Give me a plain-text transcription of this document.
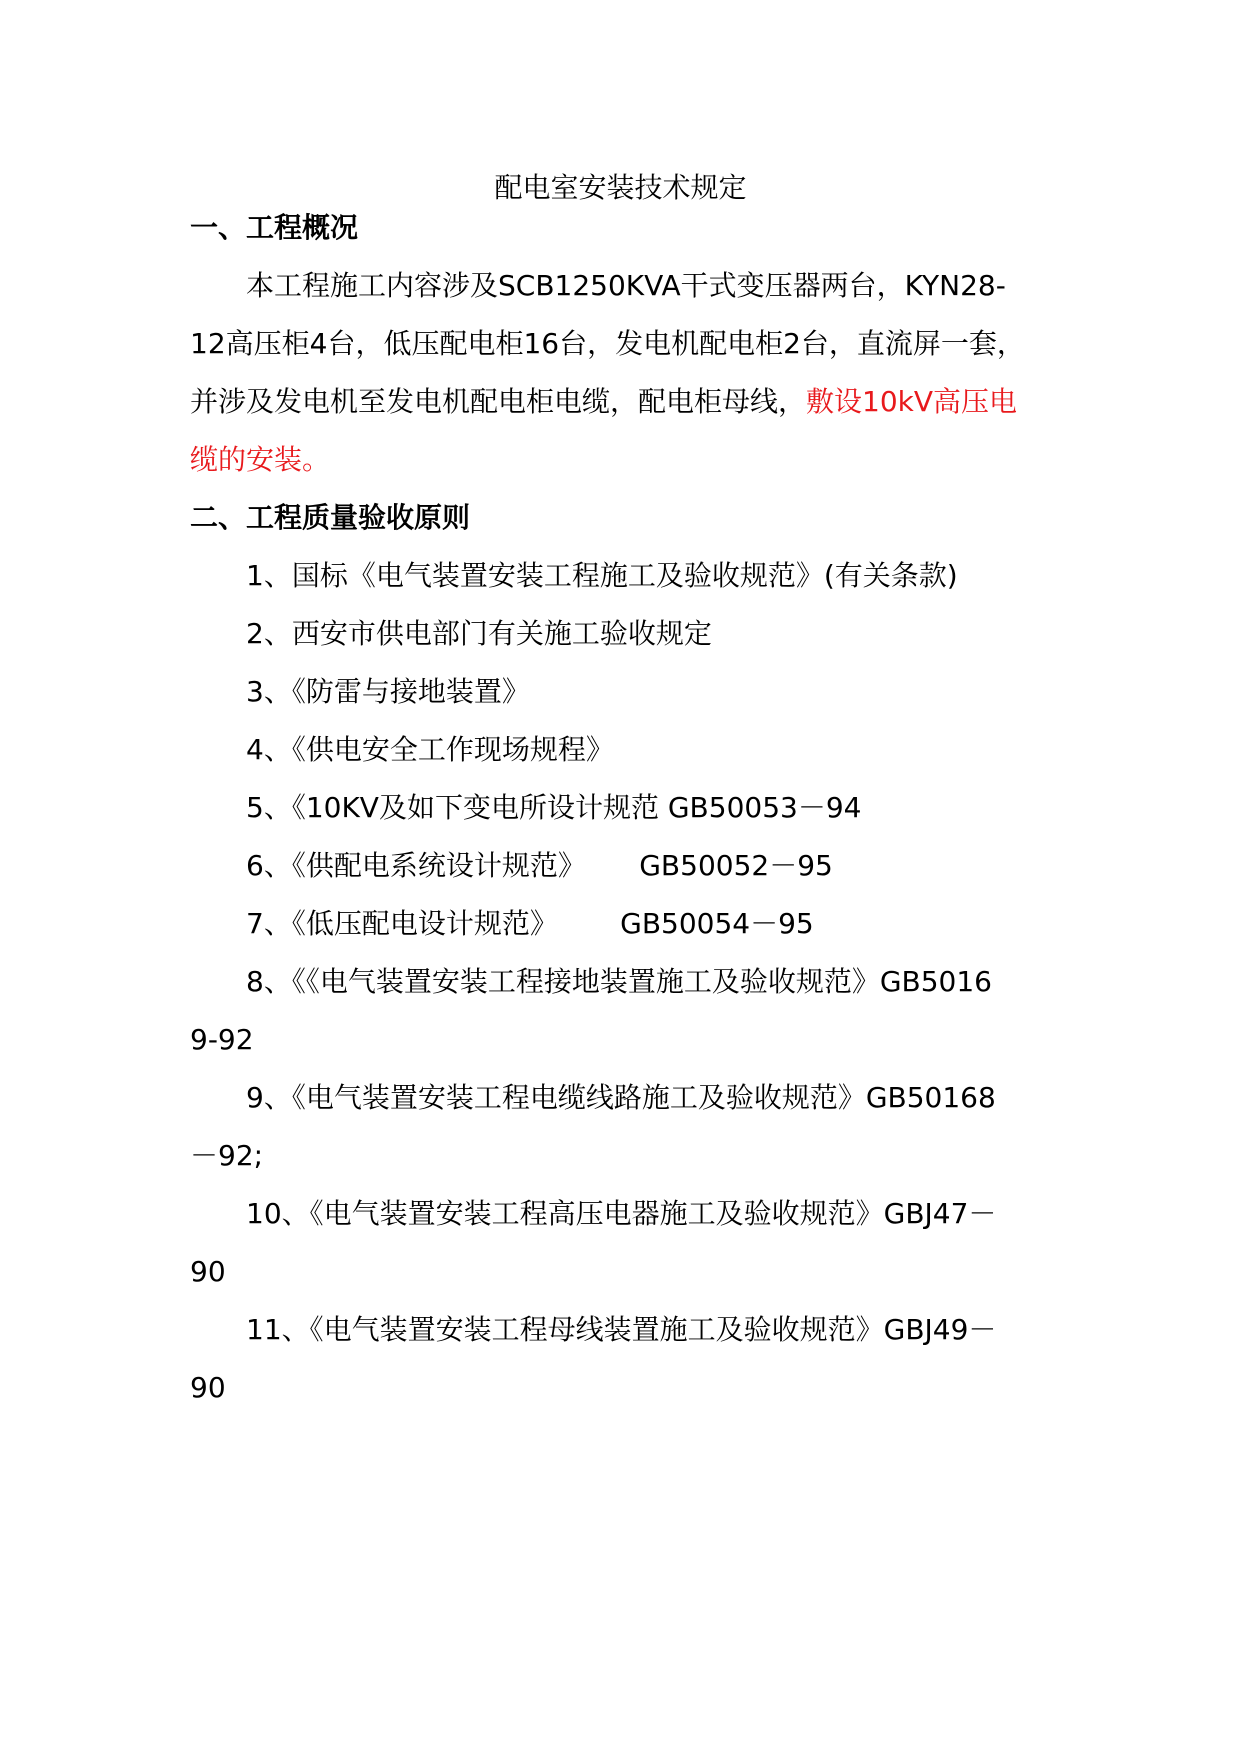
配电室安装技术规定
一、工程概况
本工程施工内容涉及SCB1250KVA干式变压器两台，KYN28-
12高压柜4台，低压配电柜16台，发电机配电柜2台，直流屏一套，
并涉及发电机至发电机配电柜电缆，配电柜母线，敷设10kV高压电
缆的安装。
二、工程质量验收原则
1、国标《电气装置安装工程施工及验收规范》(有关条款)
2、西安市供电部门有关施工验收规定
3、《防雷与接地装置》
4、《供电安全工作现场规程》
5、《10KV及如下变电所设计规范 GB50053－94
6、《供配电系统设计规范》      GB50052－95
7、《低压配电设计规范》       GB50054－95
8、《《电气装置安装工程接地装置施工及验收规范》GB5016
9-92
9、《电气装置安装工程电缆线路施工及验收规范》GB50168
－92;
10、《电气装置安装工程高压电器施工及验收规范》GBJ47－
90
11、《电气装置安装工程母线装置施工及验收规范》GBJ49－
90
